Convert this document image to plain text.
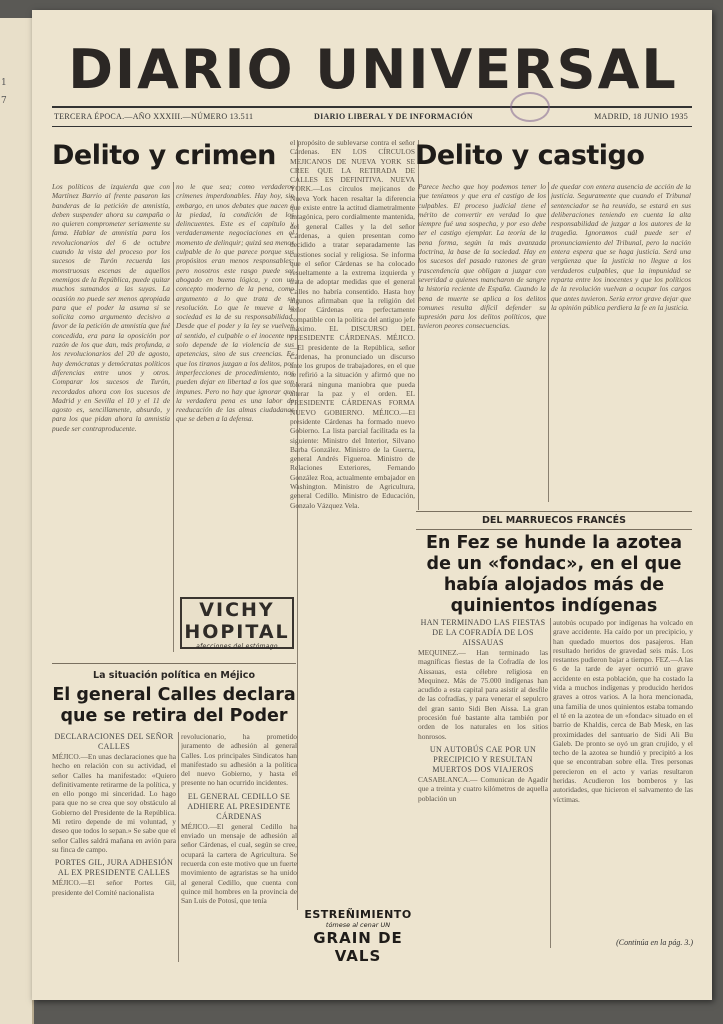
1
7 DIARIO UNIVERSAL
TERCERA ÉPOCA.—AÑO XXXIII.—NÚMERO 13.511	DIARIO LIBERAL Y DE INFORMACIÓN	MADRID, 18 JUNIO 1935
Delito y crimen

Los políticos de izquierda que con Martínez Barrio al frente pasaron las banderas de la petición de amnistía, deben suspender ahora su campaña o no quieren comprometer seriamente su fama. Hablar de amnistía para los revolucionarios del 6 de octubre cuando la vista del proceso por los sucesos de Turón recuerda las monstruosas escenas de aquellos enemigos de la República, puede quitar muchos sumandos a las suyas. La ocasión no puede ser menos apropiada para que el poder la asuma si se solicita como argumento decisivo a favor de la petición de amnistía que fué concedida, era para la oposición por razón de los que dan, más profunda, a los revolucionarios del 20 de agosto, hay demócratas y demócratas políticos diferencias entre unos y otros. Comparar los sucesos de Turón, recordados ahora con los sucesos de Madrid y en Sevilla el 10 y el 11 de agosto es, sencillamente, absurdo, y para los que pidan ahora la amnistía puede ser contraproducente.

no le que sea; como verdaderos crímenes imperdonables. Hay hoy, sin embargo, en unos debates que nacen a la piedad, la condición de los delincuentes. Este es el capítulo y verdaderamente negociaciones en el momento de delinquir; quizá sea menos culpable de lo que parece porque sus propósitos eran menos responsables; pero nosotros este rasgo puede ser abogado en buena lógica, y con un concepto moderno de la pena, como argumento a lo que trata de su resolución. Lo que le mueve a la sociedad es la de su responsabilidad. Desde que el poder y la ley se vuelven al sentido, el culpable o el inocente no solo depende de la violencia de sus apetencias, sino de sus creencias. Es que los tiranos juzgan a los delitos, por imperfecciones de procedimiento, nos pueden dejar en libertad a los que son impunes. Pero no hay que ignorar que la verdadera pena es una labor de reeducación de las almas ciudadanas que se deben a la defensa.

VICHY
HOPITAL
afecciones del estómago

el propósito de sublevarse contra el señor Cárdenas. EN LOS CÍRCULOS MEJICANOS DE NUEVA YORK SE CREE QUE LA RETIRADA DE CALLES ES DEFINITIVA. NUEVA YORK.—Los círculos mejicanos de Nueva York hacen resaltar la diferencia que existe entre la actitud diametralmente antagónica, pero cordialmente mantenida, del general Calles y la del señor Cárdenas, a quien presentan como decidido a tratar separadamente las cuestiones social y religiosa. Se informa que el señor Cárdenas se ha colocado resueltamente a la extrema izquierda y trata de adoptar medidas que el general Calles no habría consentido. Hasta hoy algunos afirmaban que la religión del señor Cárdenas era perfectamente compatible con la política del antiguo jefe máximo. EL DISCURSO DEL PRESIDENTE CÁRDENAS. MÉJICO.—El presidente de la República, señor Cárdenas, ha pronunciado un discurso ante los grupos de trabajadores, en el que se refirió a la situación y afirmó que no tolerará ninguna maniobra que pueda alterar la paz y el orden. EL PRESIDENTE CÁRDENAS FORMA NUEVO GOBIERNO. MÉJICO.—El presidente Cárdenas ha formado nuevo Gobierno. La lista parcial facilitada es la siguiente: Ministro del Interior, Silvano Barba González. Ministro de la Guerra, general Andrés Figueroa. Ministro de Relaciones Exteriores, Fernando González Roa, actualmente embajador en Washington. Ministro de Agricultura, general Cedillo. Ministro de Educación, Gonzalo Vázquez Vela.

Delito y castigo

Parece hecho que hoy podemos tener lo que teníamos y que era el castigo de los culpables. El proceso judicial tiene el mérito de convertir en verdad lo que siempre fué una sospecha, y por eso debe ser el castigo ejemplar. La teoría de la pena forma, según la más avanzada doctrina, la base de la sociedad. Hay en los sucesos del pasado razones de gran trascendencia que obligan a juzgar con severidad a quienes mancharon de sangre la historia reciente de España. Cuando la pena de muerte se aplica a los delitos comunes resulta difícil defender su supresión para los delitos políticos, que tuvieron peores consecuencias.

de quedar con entera ausencia de acción de la justicia. Seguramente que cuando el Tribunal sentenciador se ha reunido, se estará en sus deliberaciones teniendo en cuenta la alta responsabilidad de juzgar a los autores de la tragedia. Ignoramos cuál puede ser el pronunciamiento del Tribunal, pero la nación entera espera que se haga justicia. Será una vergüenza que la justicia no llegue a los verdaderos culpables, que la impunidad se reparta entre los inocentes y que los políticos de la revolución vuelvan a ocupar los cargos que antes tuvieron. Sería error grave dejar que la opinión pública perdiera la fe en la justicia.

DEL MARRUECOS FRANCÉS
En Fez se hunde la azotea de un «fondac», en el que había alojados más de quinientos indígenas
HAN TERMINADO LAS FIESTAS DE LA COFRADÍA DE LOS AISSAUAS

MEQUINEZ.— Han terminado las magníficas fiestas de la Cofradía de los Aissauas, esta célebre religiosa en Mequinez. Más de 75.000 indígenas han acudido a esta capital para asistir al desfile de las cofradías, y para venerar el sepulcro del gran santo Sidi Ben Aissa. La gran procesión fué bastante alta también por orden de los naturales en los sitios honrosos.

UN AUTOBÚS CAE POR UN PRECIPICIO Y RESULTAN MUERTOS DOS VIAJEROS

CASABLANCA.— Comunican de Agadir que a treinta y cuatro kilómetros de aquella población un

autobús ocupado por indígenas ha volcado en grave accidente. Ha caído por un precipicio, y han quedado muertos dos pasajeros. Han resultado heridos de gravedad seis más. Los restantes pudieron bajar a tiempo. FEZ.—A las 6 de la tarde de ayer ocurrió un grave accidente en esta población, que ha costado la vida a muchos indígenas y producido heridos graves a otros varios. A la hora mencionada, una familia de unos quinientos estaba tomando el té en la azotea de un «fondac» situado en el barrio de Khaldis, cerca de Bab Mesk, en las proximidades del santuario de Sidi Ali Bu Galeb. De pronto se oyó un gran crujido, y el techo de la azotea se hundió y precipitó a los que se encontraban sobre ella. Tres personas perecieron en el acto y varias resultaron heridas. Acudieron los bomberos y las autoridades, que hicieron el salvamento de las víctimas.

(Continúa en la pág. 3.)
La situación política en Méjico
El general Calles declara que se retira del Poder
DECLARACIONES DEL SEÑOR CALLES

MÉJICO.—En unas declaraciones que ha hecho en relación con su actividad, el señor Calles ha manifestado: «Quiero definitivamente retirarme de la política, y en ello pongo mi sinceridad. Lo hago para que no se crea que soy obstáculo al Gobierno del Presidente de la República. Mi retiro depende de mi voluntad, y deseo que todos lo sepan.» Se sabe que el señor Calles saldrá mañana en avión para su finca de campo.

PORTES GIL, JURA ADHESIÓN AL EX PRESIDENTE CALLES

MÉJICO.—El señor Portes Gil, presidente del Comité nacionalista

revolucionario, ha prometido juramento de adhesión al general Calles. Los principales Sindicatos han manifestado su adhesión a la política del nuevo Gobierno, y hasta el presente no han ocurrido incidentes.

EL GENERAL CEDILLO SE ADHIERE AL PRESIDENTE CÁRDENAS

MÉJICO.—El general Cedillo ha enviado un mensaje de adhesión al señor Cárdenas, el cual, según se cree, ocupará la cartera de Agricultura. Se recuerda con este motivo que un fuerte movimiento de agraristas se ha unido al general Cedillo, que cuenta con quince mil hombres en la provincia de San Luis de Potosí, que tenía

ESTREÑIMIENTO
tómese al cenar UN
GRAIN DE VALS
